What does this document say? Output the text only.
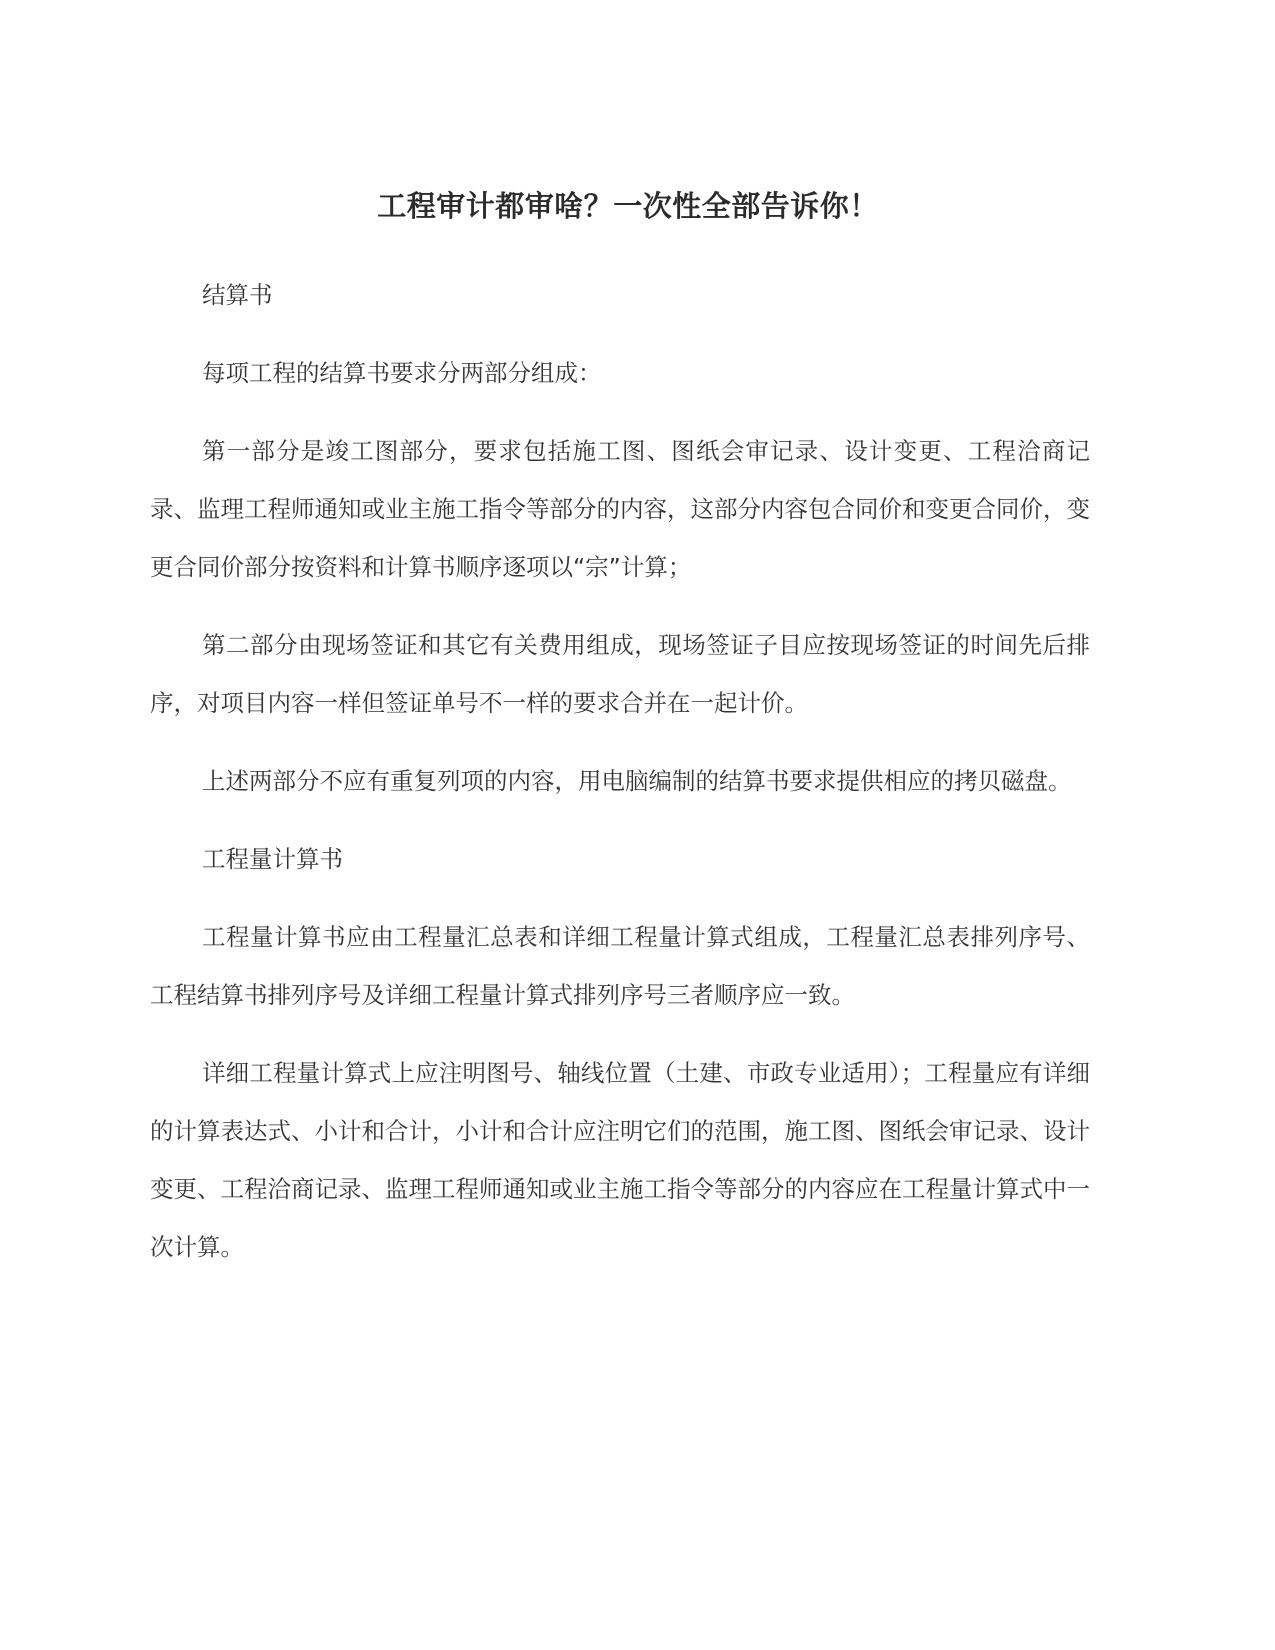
工程审计都审啥？一次性全部告诉你！

结算书

每项工程的结算书要求分两部分组成：

第一部分是竣工图部分，要求包括施工图、图纸会审记录、设计变更、工程洽商记录、监理工程师通知或业主施工指令等部分的内容，这部分内容包合同价和变更合同价，变更合同价部分按资料和计算书顺序逐项以“宗”计算；

第二部分由现场签证和其它有关费用组成，现场签证子目应按现场签证的时间先后排序，对项目内容一样但签证单号不一样的要求合并在一起计价。

上述两部分不应有重复列项的内容，用电脑编制的结算书要求提供相应的拷贝磁盘。

工程量计算书

工程量计算书应由工程量汇总表和详细工程量计算式组成，工程量汇总表排列序号、工程结算书排列序号及详细工程量计算式排列序号三者顺序应一致。

详细工程量计算式上应注明图号、轴线位置（土建、市政专业适用）；工程量应有详细的计算表达式、小计和合计，小计和合计应注明它们的范围，施工图、图纸会审记录、设计变更、工程洽商记录、监理工程师通知或业主施工指令等部分的内容应在工程量计算式中一次计算。
